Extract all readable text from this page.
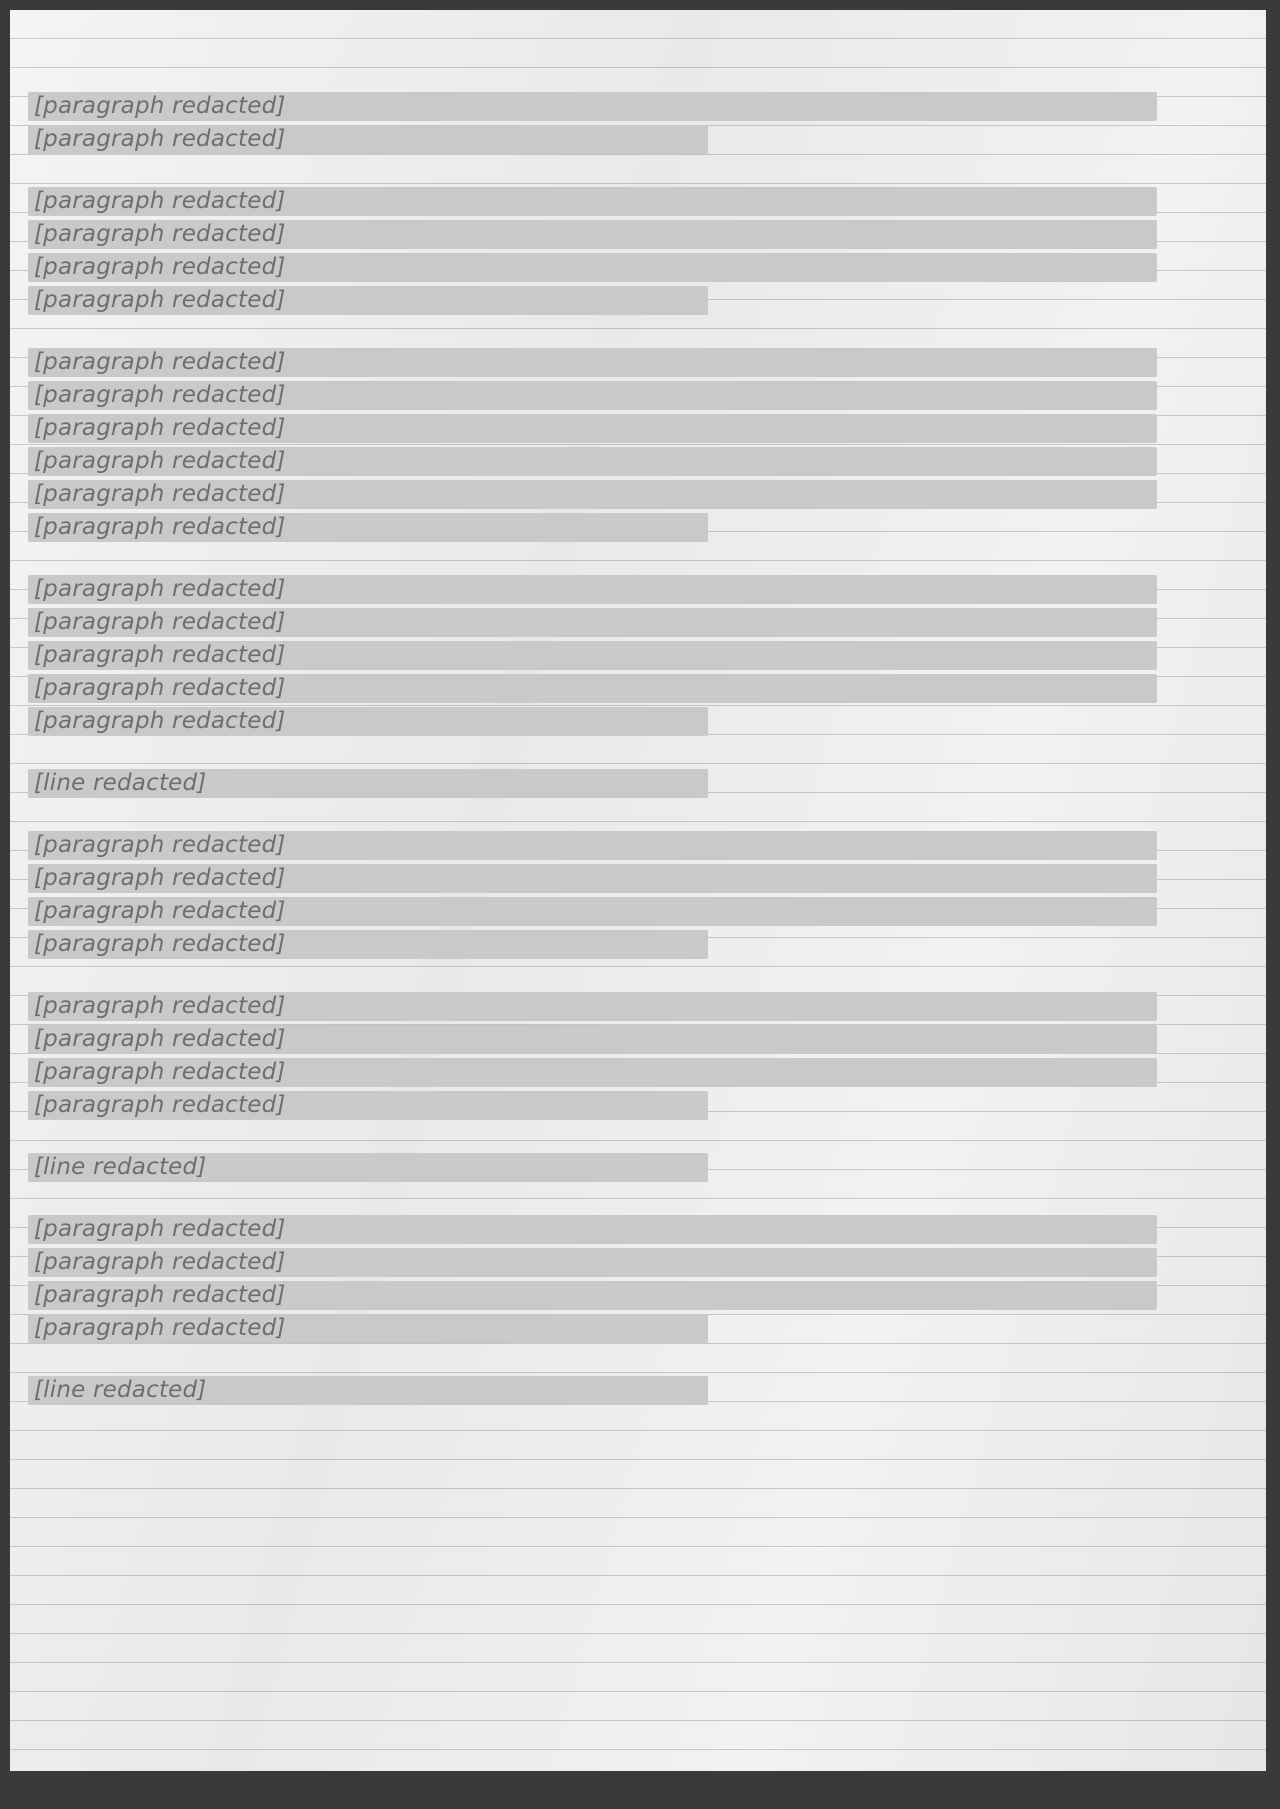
[paragraph redacted]
[paragraph redacted]

[paragraph redacted]
[paragraph redacted]
[paragraph redacted]
[paragraph redacted]

[paragraph redacted]
[paragraph redacted]
[paragraph redacted]
[paragraph redacted]
[paragraph redacted]
[paragraph redacted]

[paragraph redacted]
[paragraph redacted]
[paragraph redacted]
[paragraph redacted]
[paragraph redacted]

[line redacted]

[paragraph redacted]
[paragraph redacted]
[paragraph redacted]
[paragraph redacted]

[paragraph redacted]
[paragraph redacted]
[paragraph redacted]
[paragraph redacted]

[line redacted]

[paragraph redacted]
[paragraph redacted]
[paragraph redacted]
[paragraph redacted]

[line redacted]
